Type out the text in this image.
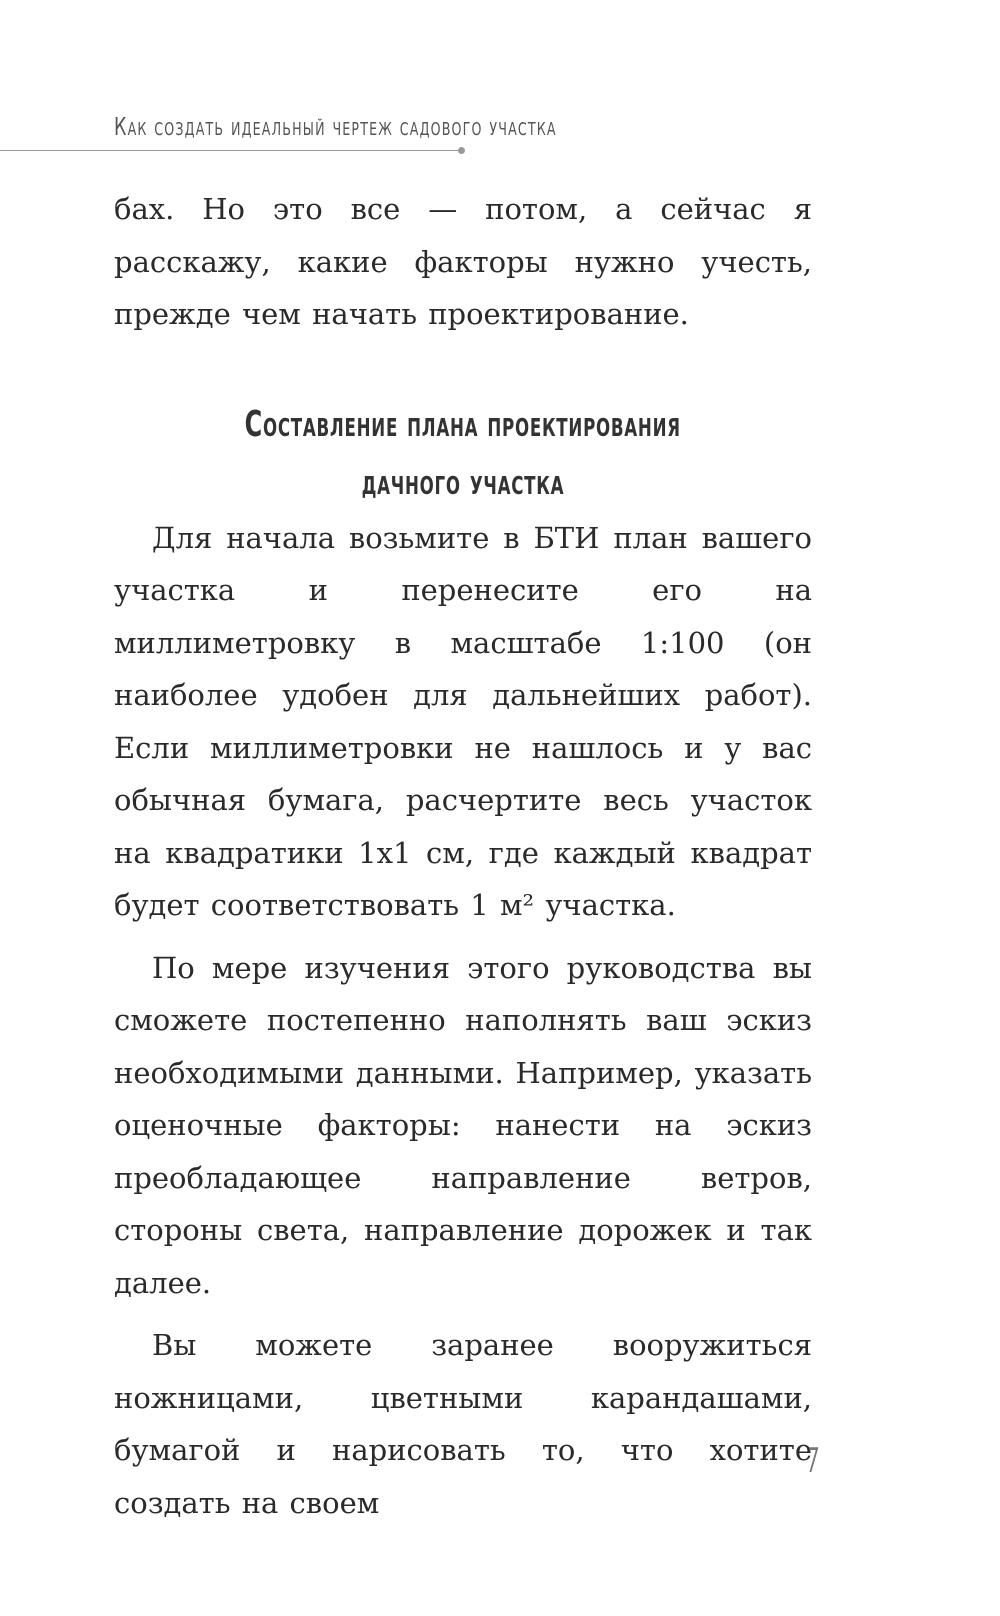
Как создать идеальный чертеж садового участка

бах. Но это все — потом, а сейчас я расскажу, какие факторы нужно учесть, прежде чем начать проектирование.

Составление плана проектирования
дачного участка

Для начала возьмите в БТИ план вашего участка и перенесите его на миллиметровку в масштабе 1:100 (он наиболее удобен для дальнейших работ). Если миллиметровки не нашлось и у вас обычная бумага, расчертите весь участок на квадратики 1x1 см, где каждый квадрат будет соответствовать 1 м² участка.

По мере изучения этого руководства вы сможете постепенно наполнять ваш эскиз необходимыми данными. Например, указать оценочные факторы: нанести на эскиз преобладающее направление ветров, стороны света, направление дорожек и так далее.

Вы можете заранее вооружиться ножницами, цветными карандашами, бумагой и нарисовать то, что хотите создать на своем

7
